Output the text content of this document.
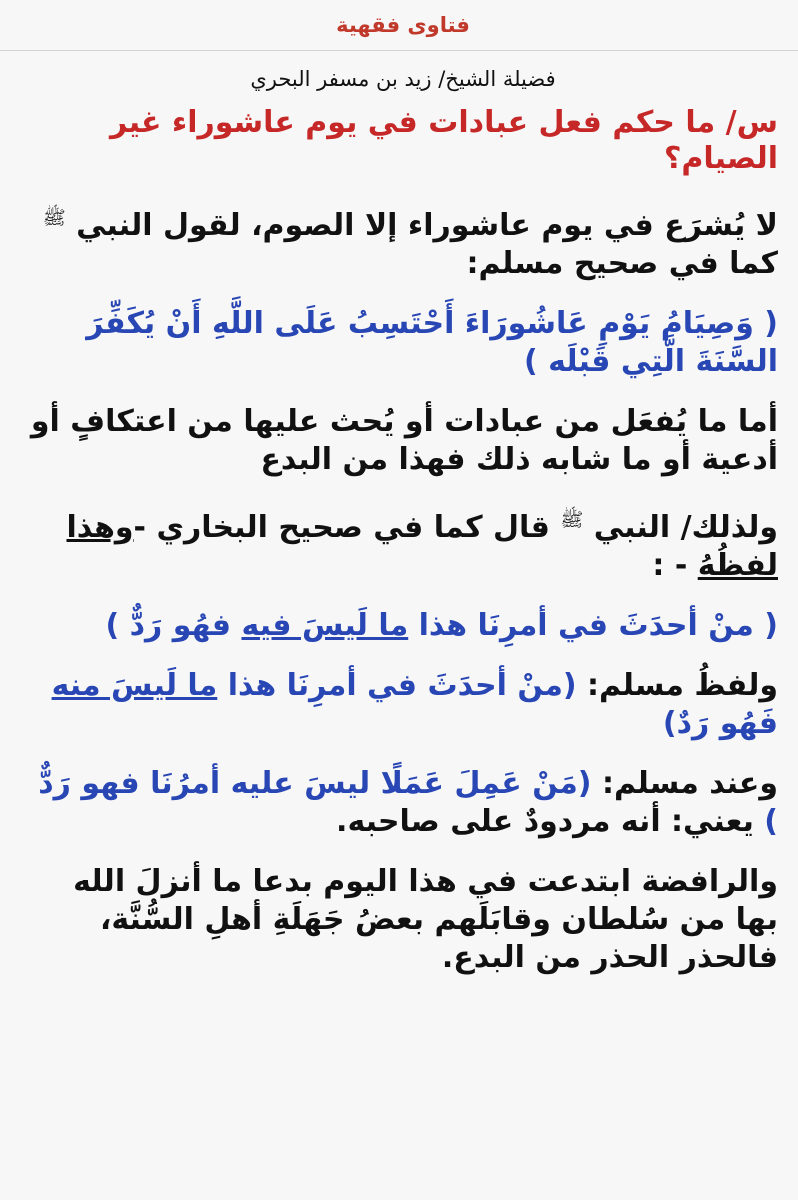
فتاوى فقهية
فضيلة الشيخ/ زيد بن مسفر البحري
س/ ما حكم فعل عبادات في يوم عاشوراء غير الصيام؟
لا يُشرَع في يوم عاشوراء إلا الصوم، لقول النبي $^ﷺ$ كما في صحيح مسلم:
( وَصِيَامُ يَوْمِ عَاشُورَاءَ أَحْتَسِبُ عَلَى اللَّهِ أَنْ يُكَفِّرَ السَّنَةَ الَّتِي قَبْلَه )
أما ما يُفعَل من عبادات أو يُحث عليها من اعتكافٍ أو أدعية أو ما شابه ذلك فهذا من البدع
ولذلك/ النبي $^ﷺ$ قال كما في صحيح البخاري -وهذا لفظُهُ - :
( منْ أحدَثَ في أمرِنَا هذا ما لَيسَ فيه فهُو رَدٌّ )
ولفظُ مسلم: (منْ أحدَثَ في أمرِنَا هذا ما لَيسَ منه فَهُو رَدٌ)
وعند مسلم: (مَنْ عَمِلَ عَمَلًا ليسَ عليه أمرُنَا فهو رَدٌّ ) يعني: أنه مردودٌ على صاحبه.
والرافضة ابتدعت في هذا اليوم بدعا ما أنزلَ الله بها من سُلطان وقابَلَهم بعضُ جَهَلَةِ أهلِ السُّنَّة، فالحذر الحذر من البدع.
